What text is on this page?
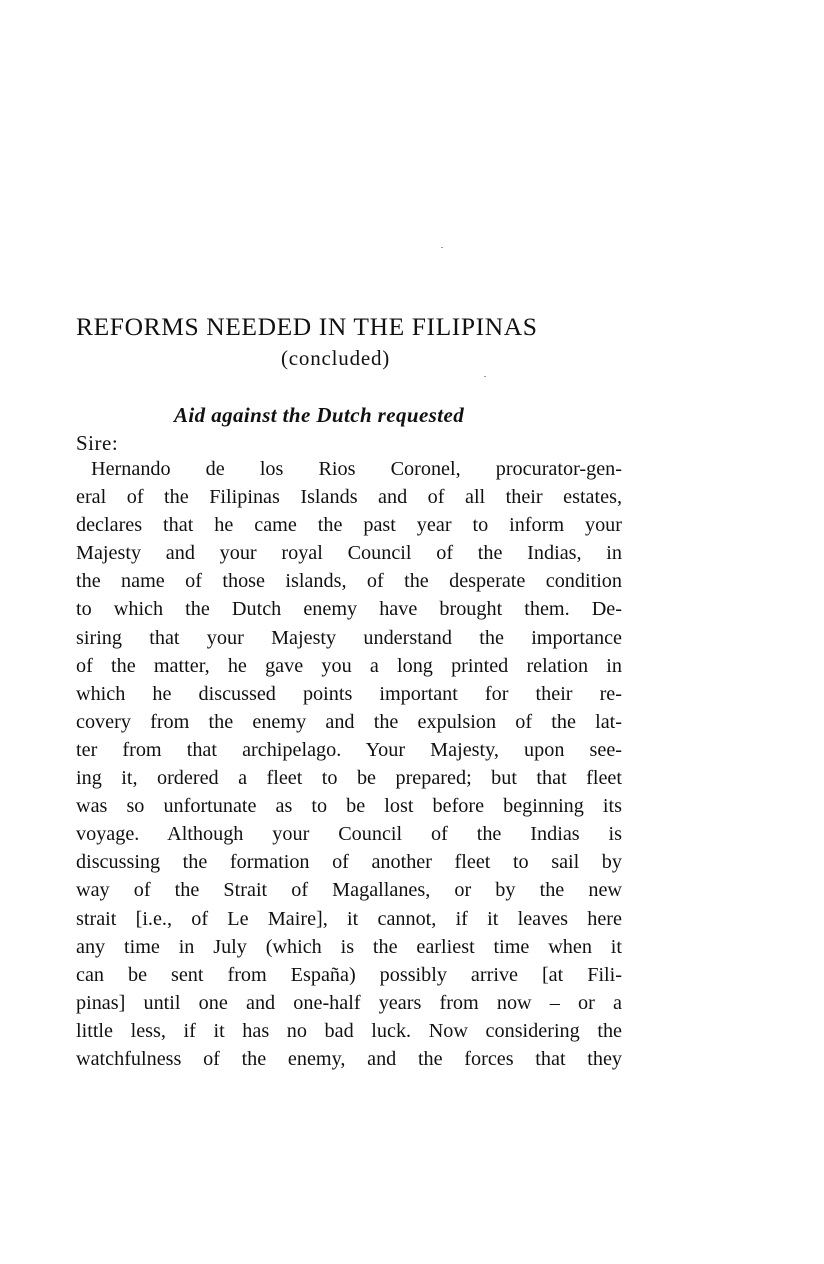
REFORMS NEEDED IN THE FILIPINAS
(concluded)
Aid against the Dutch requested
Sire:
Hernando de los Rios Coronel, procurator-gen-
eral of the Filipinas Islands and of all their estates,
declares that he came the past year to inform your
Majesty and your royal Council of the Indias, in
the name of those islands, of the desperate condition
to which the Dutch enemy have brought them. De-
siring that your Majesty understand the importance
of the matter, he gave you a long printed relation in
which he discussed points important for their re-
covery from the enemy and the expulsion of the lat-
ter from that archipelago. Your Majesty, upon see-
ing it, ordered a fleet to be prepared; but that fleet
was so unfortunate as to be lost before beginning its
voyage. Although your Council of the Indias is
discussing the formation of another fleet to sail by
way of the Strait of Magallanes, or by the new
strait [i.e., of Le Maire], it cannot, if it leaves here
any time in July (which is the earliest time when it
can be sent from España) possibly arrive [at Fili-
pinas] until one and one-half years from now – or a
little less, if it has no bad luck. Now considering the
watchfulness of the enemy, and the forces that they
